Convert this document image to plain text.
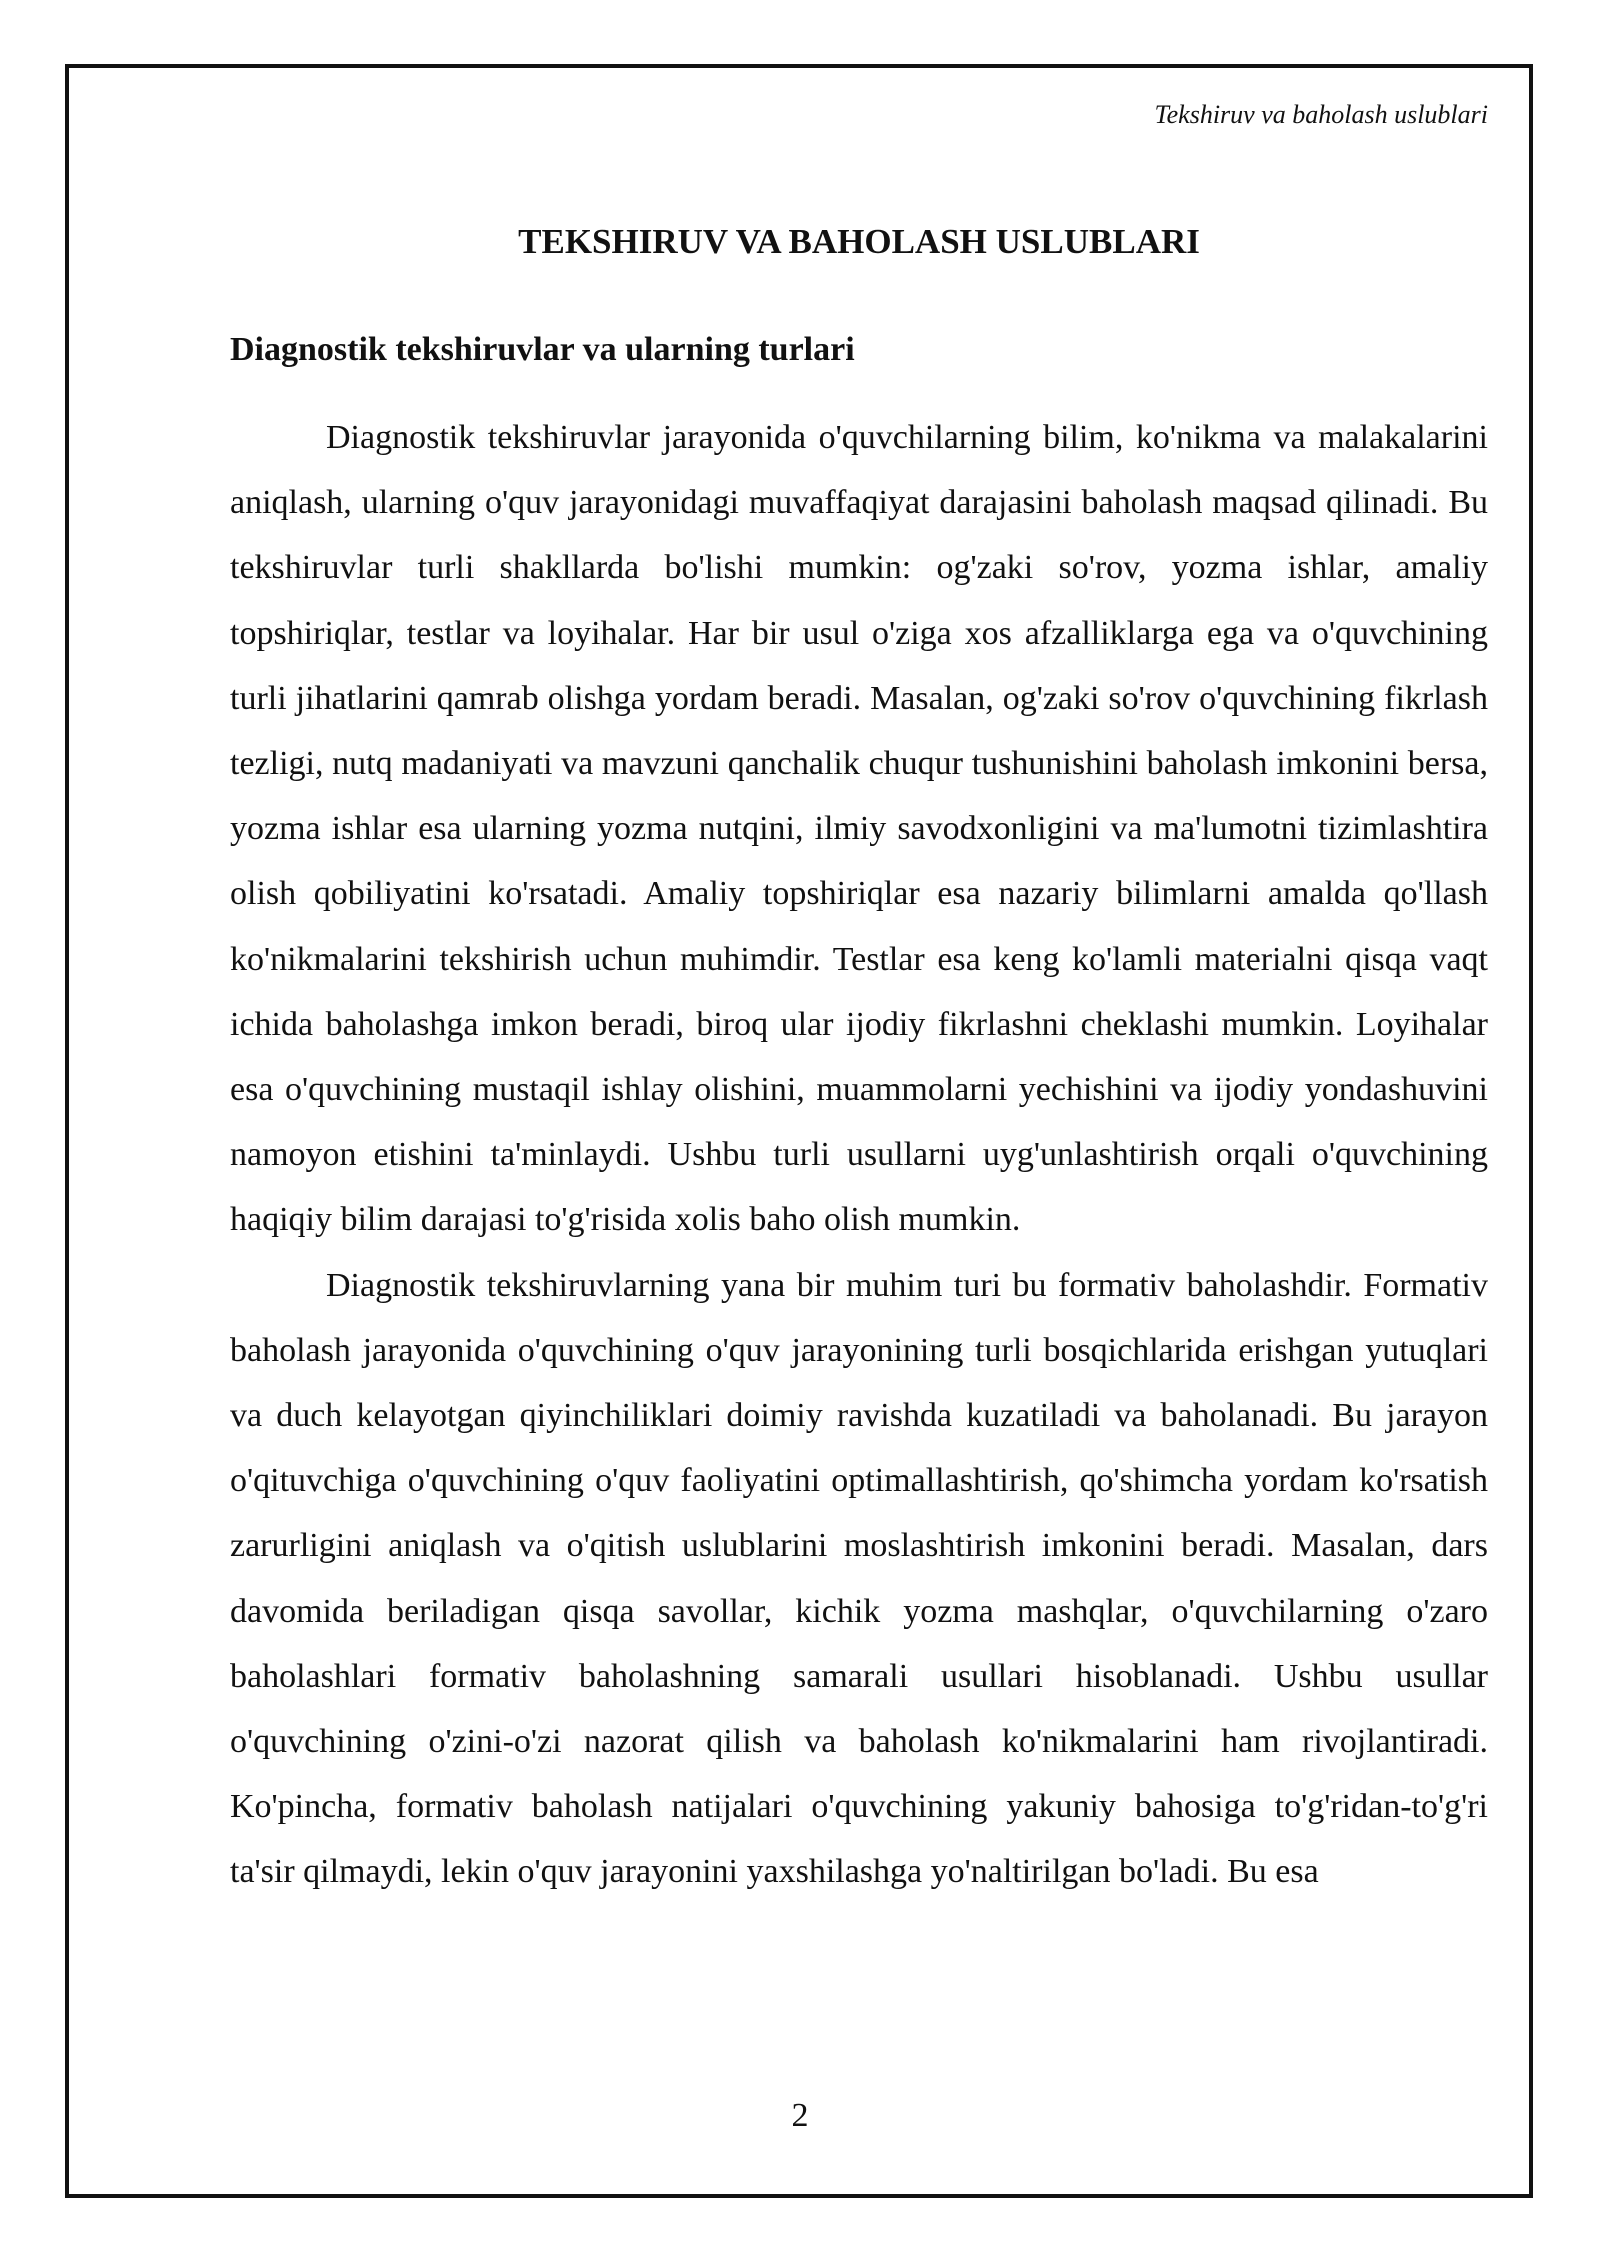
Tekshiruv va baholash uslublari
TEKSHIRUV VA BAHOLASH USLUBLARI
Diagnostik tekshiruvlar va ularning turlari

Diagnostik tekshiruvlar jarayonida o'quvchilarning bilim, ko'nikma va malakalarini aniqlash, ularning o'quv jarayonidagi muvaffaqiyat darajasini baholash maqsad qilinadi. Bu tekshiruvlar turli shakllarda bo'lishi mumkin: og'zaki so'rov, yozma ishlar, amaliy topshiriqlar, testlar va loyihalar. Har bir usul o'ziga xos afzalliklarga ega va o'quvchining turli jihatlarini qamrab olishga yordam beradi. Masalan, og'zaki so'rov o'quvchining fikrlash tezligi, nutq madaniyati va mavzuni qanchalik chuqur tushunishini baholash imkonini bersa, yozma ishlar esa ularning yozma nutqini, ilmiy savodxonligini va ma'lumotni tizimlashtira olish qobiliyatini ko'rsatadi. Amaliy topshiriqlar esa nazariy bilimlarni amalda qo'llash ko'nikmalarini tekshirish uchun muhimdir. Testlar esa keng ko'lamli materialni qisqa vaqt ichida baholashga imkon beradi, biroq ular ijodiy fikrlashni cheklashi mumkin. Loyihalar esa o'quvchining mustaqil ishlay olishini, muammolarni yechishini va ijodiy yondashuvini namoyon etishini ta'minlaydi. Ushbu turli usullarni uyg'unlashtirish orqali o'quvchining haqiqiy bilim darajasi to'g'risida xolis baho olish mumkin.

Diagnostik tekshiruvlarning yana bir muhim turi bu formativ baholashdir. Formativ baholash jarayonida o'quvchining o'quv jarayonining turli bosqichlarida erishgan yutuqlari va duch kelayotgan qiyinchiliklari doimiy ravishda kuzatiladi va baholanadi. Bu jarayon o'qituvchiga o'quvchining o'quv faoliyatini optimallashtirish, qo'shimcha yordam ko'rsatish zarurligini aniqlash va o'qitish uslublarini moslashtirish imkonini beradi. Masalan, dars davomida beriladigan qisqa savollar, kichik yozma mashqlar, o'quvchilarning o'zaro baholashlari formativ baholashning samarali usullari hisoblanadi. Ushbu usullar o'quvchining o'zini-o'zi nazorat qilish va baholash ko'nikmalarini ham rivojlantiradi. Ko'pincha, formativ baholash natijalari o'quvchining yakuniy bahosiga to'g'ridan-to'g'ri ta'sir qilmaydi, lekin o'quv jarayonini yaxshilashga yo'naltirilgan bo'ladi. Bu esa

2
